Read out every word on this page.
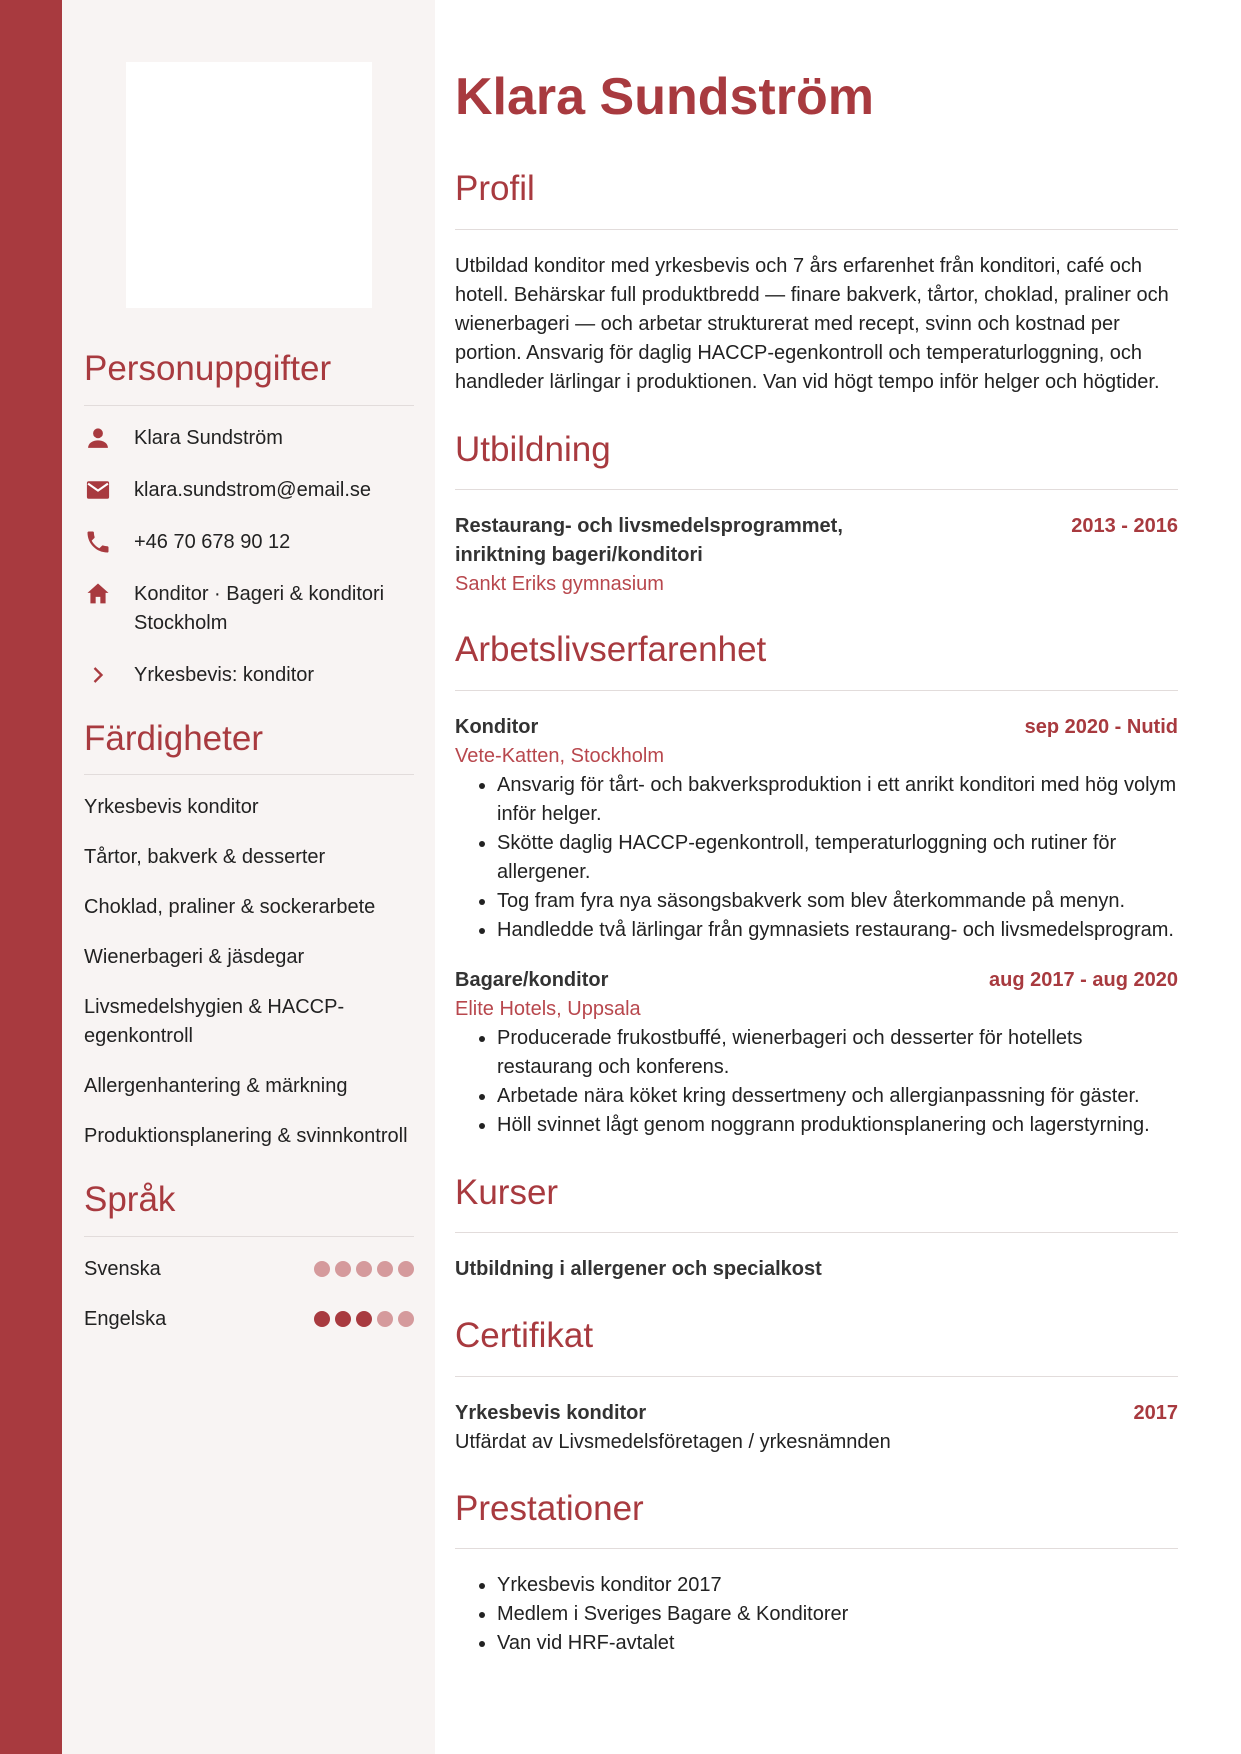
Personuppgifter
Klara Sundström
klara.sundstrom@email.se
+46 70 678 90 12
Konditor · Bageri & konditori Stockholm
Yrkesbevis: konditor
Färdigheter
Yrkesbevis konditor
Tårtor, bakverk & desserter
Choklad, praliner & sockerarbete
Wienerbageri & jäsdegar
Livsmedelshygien & HACCP-egenkontroll
Allergenhantering & märkning
Produktionsplanering & svinnkontroll
Språk
Svenska
Engelska
Klara Sundström
Profil

Utbildad konditor med yrkesbevis och 7 års erfarenhet från konditori, café och hotell. Behärskar full produktbredd — finare bakverk, tårtor, choklad, praliner och wienerbageri — och arbetar strukturerat med recept, svinn och kostnad per portion. Ansvarig för daglig HACCP-egenkontroll och temperaturloggning, och handleder lärlingar i produktionen. Van vid högt tempo inför helger och högtider.

Utbildning
Restaurang- och livsmedelsprogrammet, inriktning bageri/konditori
2013 - 2016
Sankt Eriks gymnasium
Arbetslivserfarenhet
Konditor	sep 2020 - Nutid
Vete-Katten, Stockholm
• Ansvarig för tårt- och bakverksproduktion i ett anrikt konditori med hög volym inför helger.
• Skötte daglig HACCP-egenkontroll, temperaturloggning och rutiner för allergener.
• Tog fram fyra nya säsongsbakverk som blev återkommande på menyn.
• Handledde två lärlingar från gymnasiets restaurang- och livsmedelsprogram.
Bagare/konditor	aug 2017 - aug 2020
Elite Hotels, Uppsala
• Producerade frukostbuffé, wienerbageri och desserter för hotellets restaurang och konferens.
• Arbetade nära köket kring dessertmeny och allergianpassning för gäster.
• Höll svinnet lågt genom noggrann produktionsplanering och lagerstyrning.
Kurser
Utbildning i allergener och specialkost
Certifikat
Yrkesbevis konditor	2017
Utfärdat av Livsmedelsföretagen / yrkesnämnden
Prestationer
• Yrkesbevis konditor 2017
• Medlem i Sveriges Bagare & Konditorer
• Van vid HRF-avtalet
